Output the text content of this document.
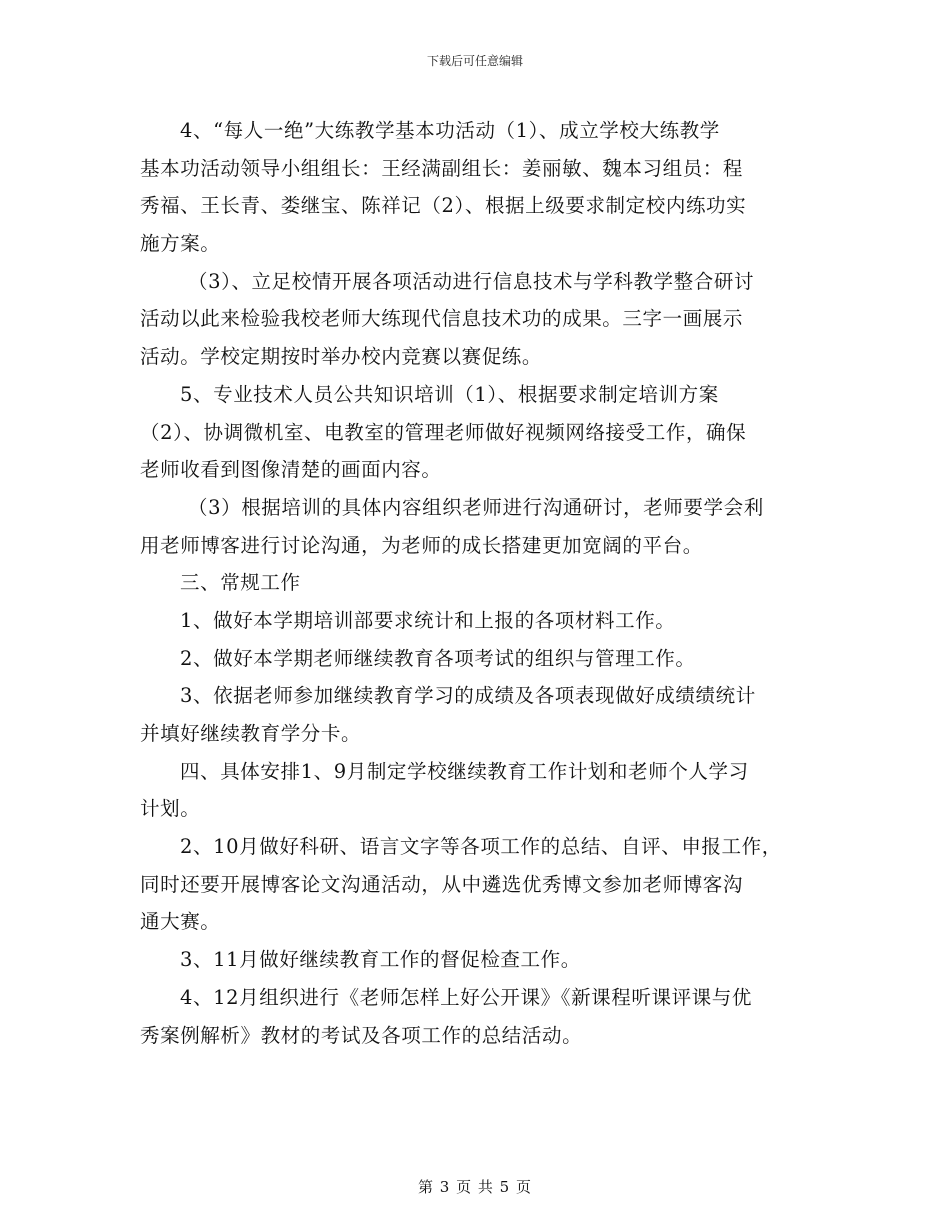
下载后可任意编辑
4、“每人一绝”大练教学基本功活动（1）、成立学校大练教学
基本功活动领导小组组长：王经满副组长：姜丽敏、魏本习组员：程
秀福、王长青、娄继宝、陈祥记（2）、根据上级要求制定校内练功实
施方案。
（3）、立足校情开展各项活动进行信息技术与学科教学整合研讨
活动以此来检验我校老师大练现代信息技术功的成果。三字一画展示
活动。学校定期按时举办校内竞赛以赛促练。
5、专业技术人员公共知识培训（1）、根据要求制定培训方案
（2）、协调微机室、电教室的管理老师做好视频网络接受工作，确保
老师收看到图像清楚的画面内容。
（3）根据培训的具体内容组织老师进行沟通研讨，老师要学会利
用老师博客进行讨论沟通，为老师的成长搭建更加宽阔的平台。
三、常规工作
1、做好本学期培训部要求统计和上报的各项材料工作。
2、做好本学期老师继续教育各项考试的组织与管理工作。
3、依据老师参加继续教育学习的成绩及各项表现做好成绩绩统计
并填好继续教育学分卡。
四、具体安排1、9月制定学校继续教育工作计划和老师个人学习
计划。
2、10月做好科研、语言文字等各项工作的总结、自评、申报工作，
同时还要开展博客论文沟通活动，从中遴选优秀博文参加老师博客沟
通大赛。
3、11月做好继续教育工作的督促检查工作。
4、12月组织进行《老师怎样上好公开课》《新课程听课评课与优
秀案例解析》教材的考试及各项工作的总结活动。
第 3 页 共 5 页
